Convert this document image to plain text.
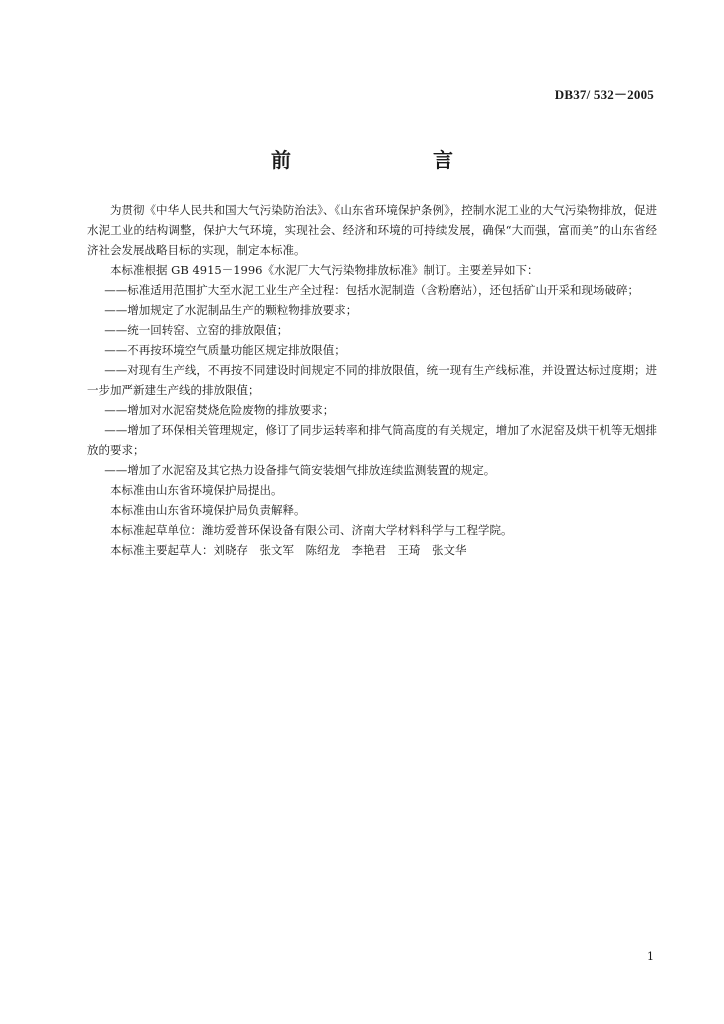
DB37/ 532－2005
前　　言

为贯彻《中华人民共和国大气污染防治法》、《山东省环境保护条例》，控制水泥工业的大气污染物排放，促进水泥工业的结构调整，保护大气环境，实现社会、经济和环境的可持续发展，确保“大而强，富而美”的山东省经济社会发展战略目标的实现，制定本标准。

本标准根据 GB 4915－1996《水泥厂大气污染物排放标准》制订。主要差异如下：

——标准适用范围扩大至水泥工业生产全过程：包括水泥制造（含粉磨站），还包括矿山开采和现场破碎；

——增加规定了水泥制品生产的颗粒物排放要求；

——统一回转窑、立窑的排放限值；

——不再按环境空气质量功能区规定排放限值；

——对现有生产线，不再按不同建设时间规定不同的排放限值，统一现有生产线标准，并设置达标过度期；进一步加严新建生产线的排放限值；

——增加对水泥窑焚烧危险废物的排放要求；

——增加了环保相关管理规定，修订了同步运转率和排气筒高度的有关规定，增加了水泥窑及烘干机等无烟排放的要求；

——增加了水泥窑及其它热力设备排气筒安装烟气排放连续监测装置的规定。

本标准由山东省环境保护局提出。

本标准由山东省环境保护局负责解释。

本标准起草单位：潍坊爱普环保设备有限公司、济南大学材料科学与工程学院。

本标准主要起草人：刘晓存　张文军　陈绍龙　李艳君　王琦　张文华

1
